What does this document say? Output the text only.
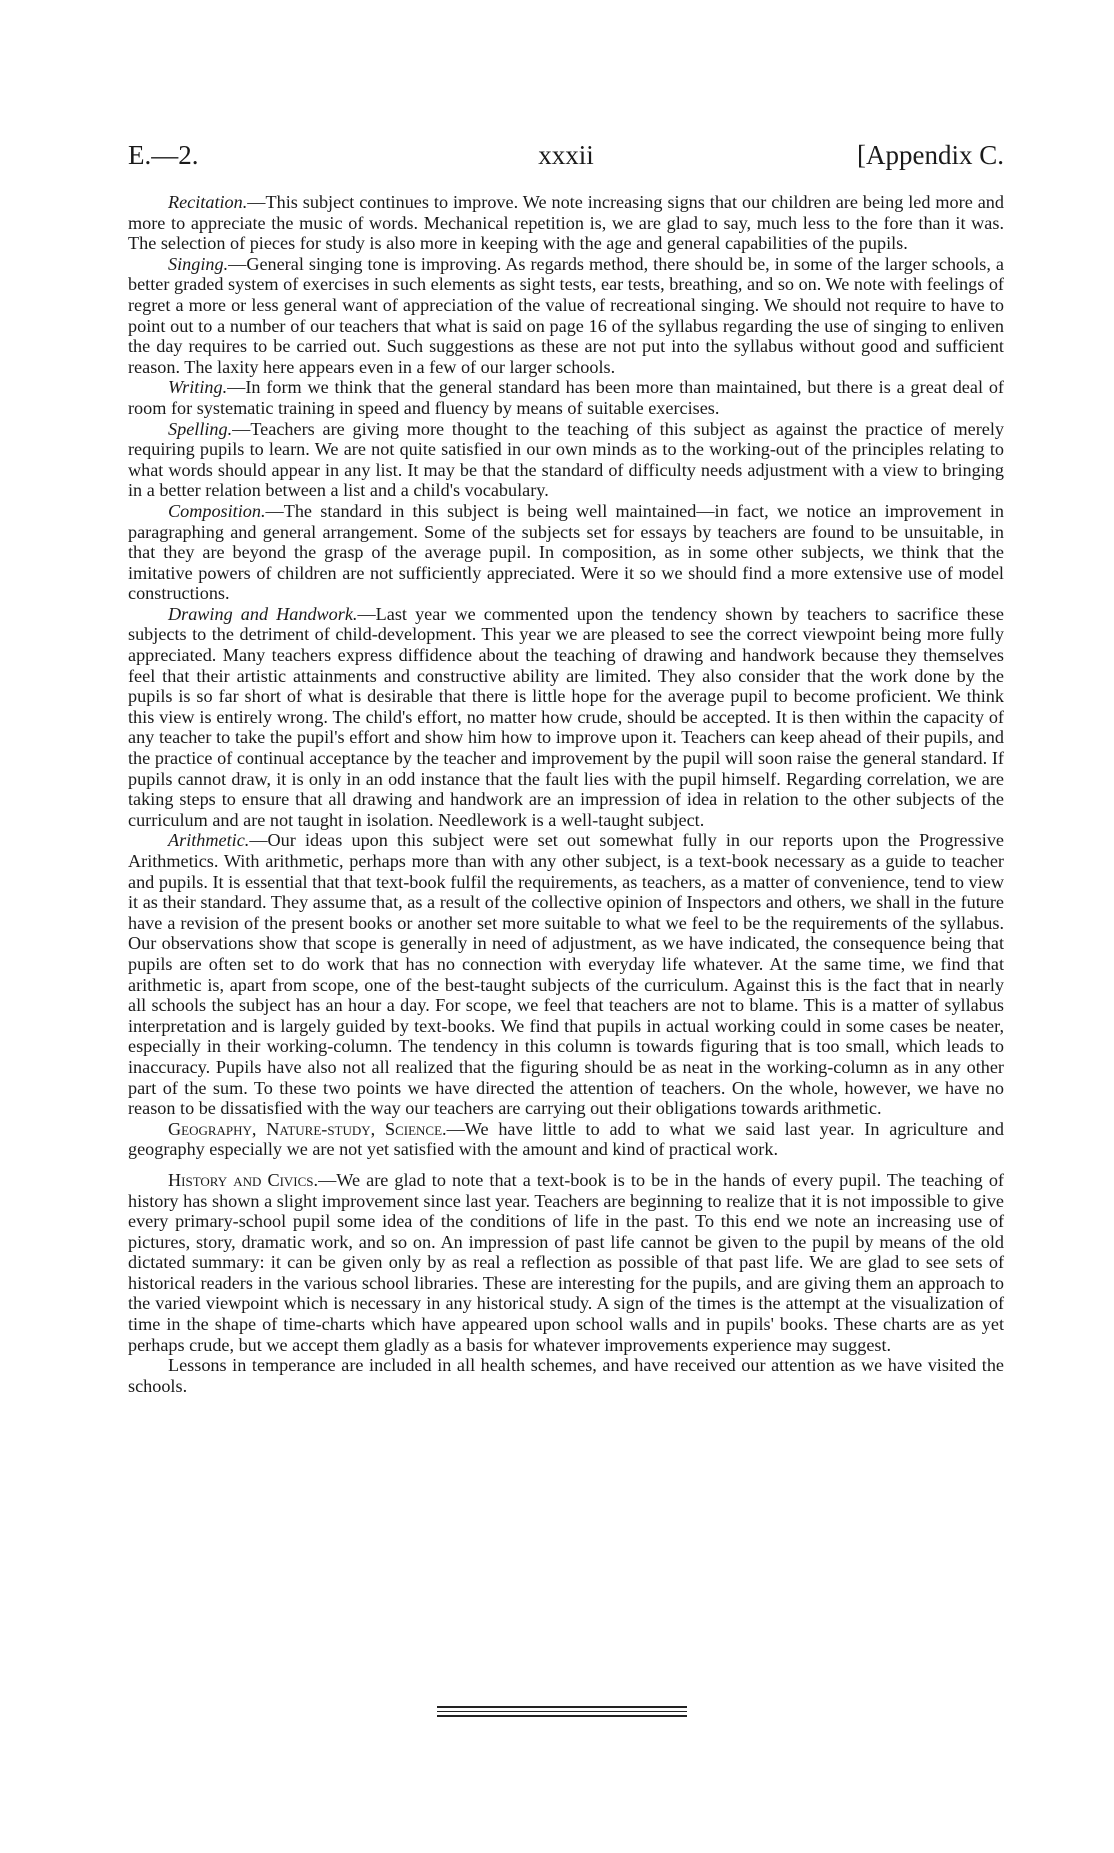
E.—2.	xxxii	[Appendix C.

Recitation.—This subject continues to improve. We note increasing signs that our children are being led more and more to appreciate the music of words. Mechanical repetition is, we are glad to say, much less to the fore than it was. The selection of pieces for study is also more in keeping with the age and general capabilities of the pupils.

Singing.—General singing tone is improving. As regards method, there should be, in some of the larger schools, a better graded system of exercises in such elements as sight tests, ear tests, breathing, and so on. We note with feelings of regret a more or less general want of appreciation of the value of recreational singing. We should not require to have to point out to a number of our teachers that what is said on page 16 of the syllabus regarding the use of singing to enliven the day requires to be carried out. Such suggestions as these are not put into the syllabus without good and sufficient reason. The laxity here appears even in a few of our larger schools.

Writing.—In form we think that the general standard has been more than maintained, but there is a great deal of room for systematic training in speed and fluency by means of suitable exercises.

Spelling.—Teachers are giving more thought to the teaching of this subject as against the practice of merely requiring pupils to learn. We are not quite satisfied in our own minds as to the working-out of the principles relating to what words should appear in any list. It may be that the standard of difficulty needs adjustment with a view to bringing in a better relation between a list and a child's vocabulary.

Composition.—The standard in this subject is being well maintained—in fact, we notice an improvement in paragraphing and general arrangement. Some of the subjects set for essays by teachers are found to be unsuitable, in that they are beyond the grasp of the average pupil. In composition, as in some other subjects, we think that the imitative powers of children are not sufficiently appreciated. Were it so we should find a more extensive use of model constructions.

Drawing and Handwork.—Last year we commented upon the tendency shown by teachers to sacrifice these subjects to the detriment of child-development. This year we are pleased to see the correct viewpoint being more fully appreciated. Many teachers express diffidence about the teaching of drawing and handwork because they themselves feel that their artistic attainments and constructive ability are limited. They also consider that the work done by the pupils is so far short of what is desirable that there is little hope for the average pupil to become proficient. We think this view is entirely wrong. The child's effort, no matter how crude, should be accepted. It is then within the capacity of any teacher to take the pupil's effort and show him how to improve upon it. Teachers can keep ahead of their pupils, and the practice of continual acceptance by the teacher and improvement by the pupil will soon raise the general standard. If pupils cannot draw, it is only in an odd instance that the fault lies with the pupil himself. Regarding correlation, we are taking steps to ensure that all drawing and handwork are an impression of idea in relation to the other subjects of the curriculum and are not taught in isolation. Needlework is a well-taught subject.

Arithmetic.—Our ideas upon this subject were set out somewhat fully in our reports upon the Progressive Arithmetics. With arithmetic, perhaps more than with any other subject, is a text-book necessary as a guide to teacher and pupils. It is essential that that text-book fulfil the requirements, as teachers, as a matter of convenience, tend to view it as their standard. They assume that, as a result of the collective opinion of Inspectors and others, we shall in the future have a revision of the present books or another set more suitable to what we feel to be the requirements of the syllabus. Our observations show that scope is generally in need of adjustment, as we have indicated, the consequence being that pupils are often set to do work that has no connection with everyday life whatever. At the same time, we find that arithmetic is, apart from scope, one of the best-taught subjects of the curriculum. Against this is the fact that in nearly all schools the subject has an hour a day. For scope, we feel that teachers are not to blame. This is a matter of syllabus interpretation and is largely guided by text-books. We find that pupils in actual working could in some cases be neater, especially in their working-column. The tendency in this column is towards figuring that is too small, which leads to inaccuracy. Pupils have also not all realized that the figuring should be as neat in the working-column as in any other part of the sum. To these two points we have directed the attention of teachers. On the whole, however, we have no reason to be dissatisfied with the way our teachers are carrying out their obligations towards arithmetic.

Geography, Nature-study, Science.—We have little to add to what we said last year. In agriculture and geography especially we are not yet satisfied with the amount and kind of practical work.

History and Civics.—We are glad to note that a text-book is to be in the hands of every pupil. The teaching of history has shown a slight improvement since last year. Teachers are beginning to realize that it is not impossible to give every primary-school pupil some idea of the conditions of life in the past. To this end we note an increasing use of pictures, story, dramatic work, and so on. An impression of past life cannot be given to the pupil by means of the old dictated summary: it can be given only by as real a reflection as possible of that past life. We are glad to see sets of historical readers in the various school libraries. These are interesting for the pupils, and are giving them an approach to the varied viewpoint which is necessary in any historical study. A sign of the times is the attempt at the visualization of time in the shape of time-charts which have appeared upon school walls and in pupils' books. These charts are as yet perhaps crude, but we accept them gladly as a basis for whatever improvements experience may suggest.

Lessons in temperance are included in all health schemes, and have received our attention as we have visited the schools.
